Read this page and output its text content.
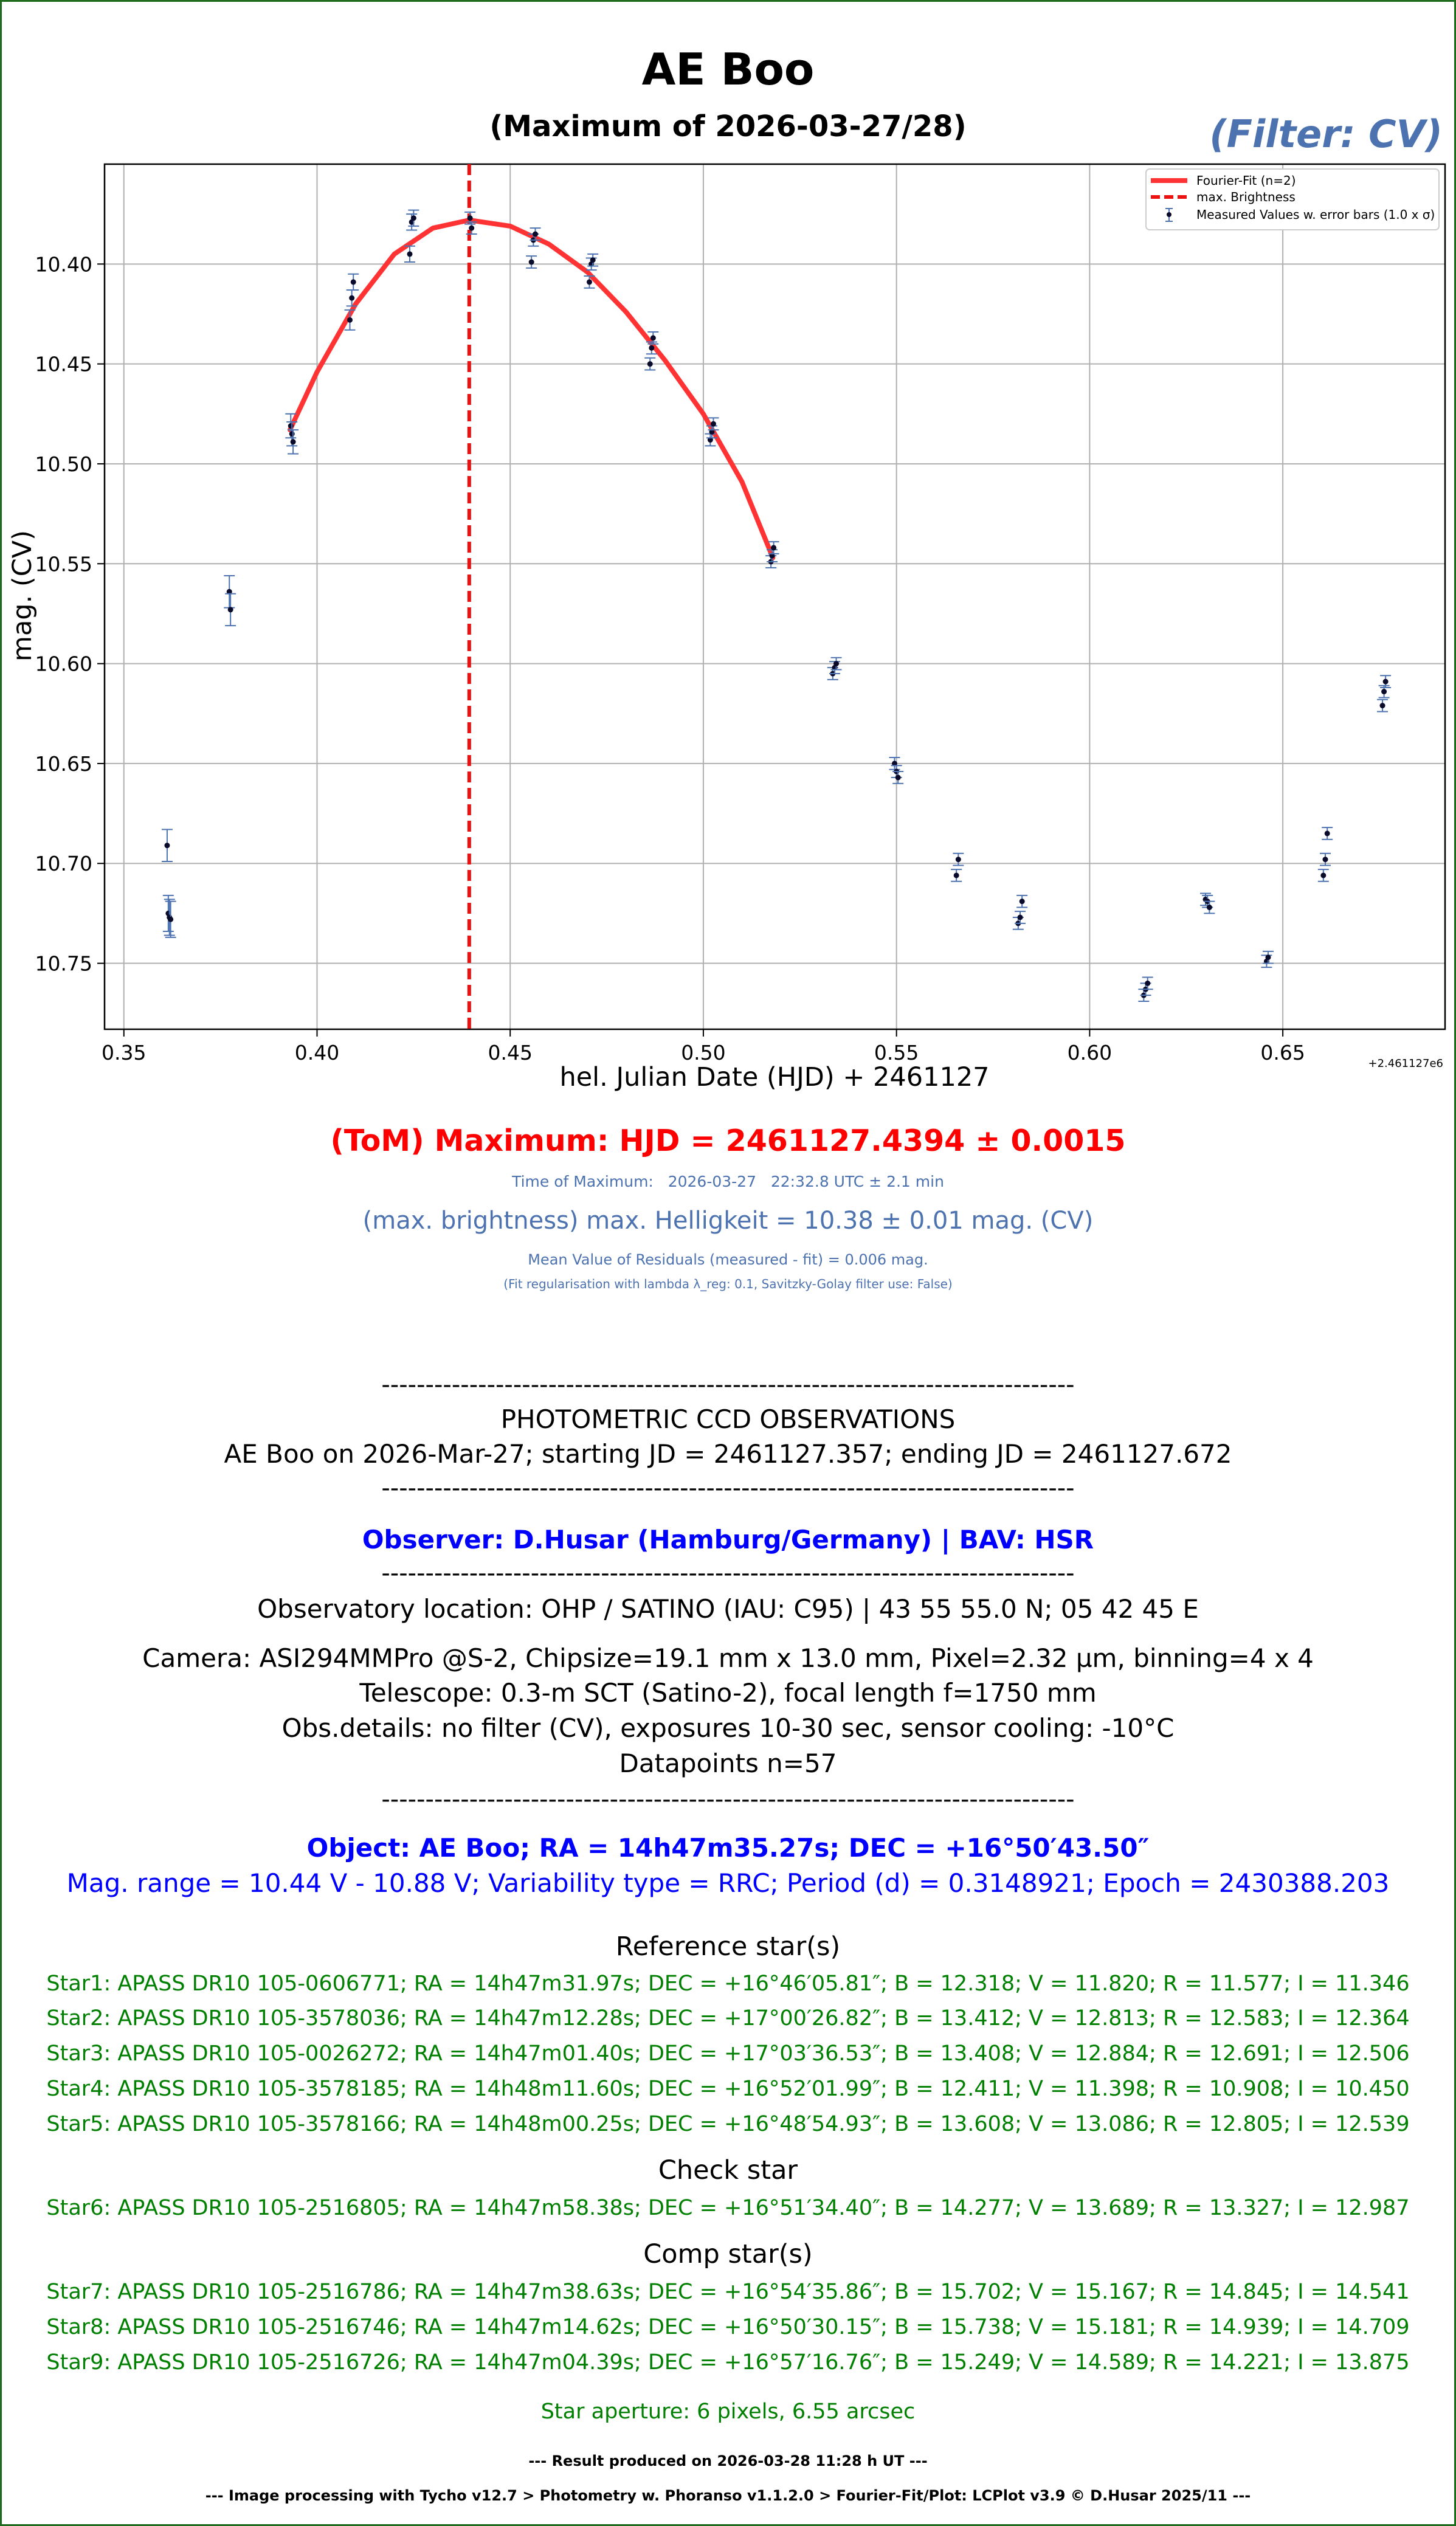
AE Boo
(Maximum of 2026-03-27/28)	(Filter: CV)
0.35	0.40	0.45	0.50	0.55	0.60	0.65
10.40
10.45
10.50
10.55
10.60
10.65
10.70
10.75
hel. Julian Date (HJD) + 2461127
mag. (CV)
+2.461127e6
Fourier-Fit (n=2)
max. Brightness
Measured Values w. error bars (1.0 x σ)
(ToM) Maximum: HJD = 2461127.4394 ± 0.0015
Time of Maximum:   2026-03-27   22:32.8 UTC ± 2.1 min
(max. brightness) max. Helligkeit = 10.38 ± 0.01 mag. (CV)
Mean Value of Residuals (measured - fit) = 0.006 mag.
(Fit regularisation with lambda λ_reg: 0.1, Savitzky-Golay filter use: False)
-------------------------------------------------------------------------------
PHOTOMETRIC CCD OBSERVATIONS
AE Boo on 2026-Mar-27; starting JD = 2461127.357; ending JD = 2461127.672
-------------------------------------------------------------------------------
Observer: D.Husar (Hamburg/Germany) | BAV: HSR
-------------------------------------------------------------------------------
Observatory location: OHP / SATINO (IAU: C95) | 43 55 55.0 N; 05 42 45 E
Camera: ASI294MMPro @S-2, Chipsize=19.1 mm x 13.0 mm, Pixel=2.32 µm, binning=4 x 4
Telescope: 0.3-m SCT (Satino-2), focal length f=1750 mm
Obs.details: no filter (CV), exposures 10-30 sec, sensor cooling: -10°C
Datapoints n=57
-------------------------------------------------------------------------------
Object: AE Boo; RA = 14h47m35.27s; DEC = +16°50′43.50″
Mag. range = 10.44 V - 10.88 V; Variability type = RRC; Period (d) = 0.3148921; Epoch = 2430388.203
Reference star(s)
Star1: APASS DR10 105-0606771; RA = 14h47m31.97s; DEC = +16°46′05.81″; B = 12.318; V = 11.820; R = 11.577; I = 11.346
Star2: APASS DR10 105-3578036; RA = 14h47m12.28s; DEC = +17°00′26.82″; B = 13.412; V = 12.813; R = 12.583; I = 12.364
Star3: APASS DR10 105-0026272; RA = 14h47m01.40s; DEC = +17°03′36.53″; B = 13.408; V = 12.884; R = 12.691; I = 12.506
Star4: APASS DR10 105-3578185; RA = 14h48m11.60s; DEC = +16°52′01.99″; B = 12.411; V = 11.398; R = 10.908; I = 10.450
Star5: APASS DR10 105-3578166; RA = 14h48m00.25s; DEC = +16°48′54.93″; B = 13.608; V = 13.086; R = 12.805; I = 12.539
Check star
Star6: APASS DR10 105-2516805; RA = 14h47m58.38s; DEC = +16°51′34.40″; B = 14.277; V = 13.689; R = 13.327; I = 12.987
Comp star(s)
Star7: APASS DR10 105-2516786; RA = 14h47m38.63s; DEC = +16°54′35.86″; B = 15.702; V = 15.167; R = 14.845; I = 14.541
Star8: APASS DR10 105-2516746; RA = 14h47m14.62s; DEC = +16°50′30.15″; B = 15.738; V = 15.181; R = 14.939; I = 14.709
Star9: APASS DR10 105-2516726; RA = 14h47m04.39s; DEC = +16°57′16.76″; B = 15.249; V = 14.589; R = 14.221; I = 13.875
Star aperture: 6 pixels, 6.55 arcsec
--- Result produced on 2026-03-28 11:28 h UT ---
--- Image processing with Tycho v12.7 > Photometry w. Phoranso v1.1.2.0 > Fourier-Fit/Plot: LCPlot v3.9 © D.Husar 2025/11 ---
